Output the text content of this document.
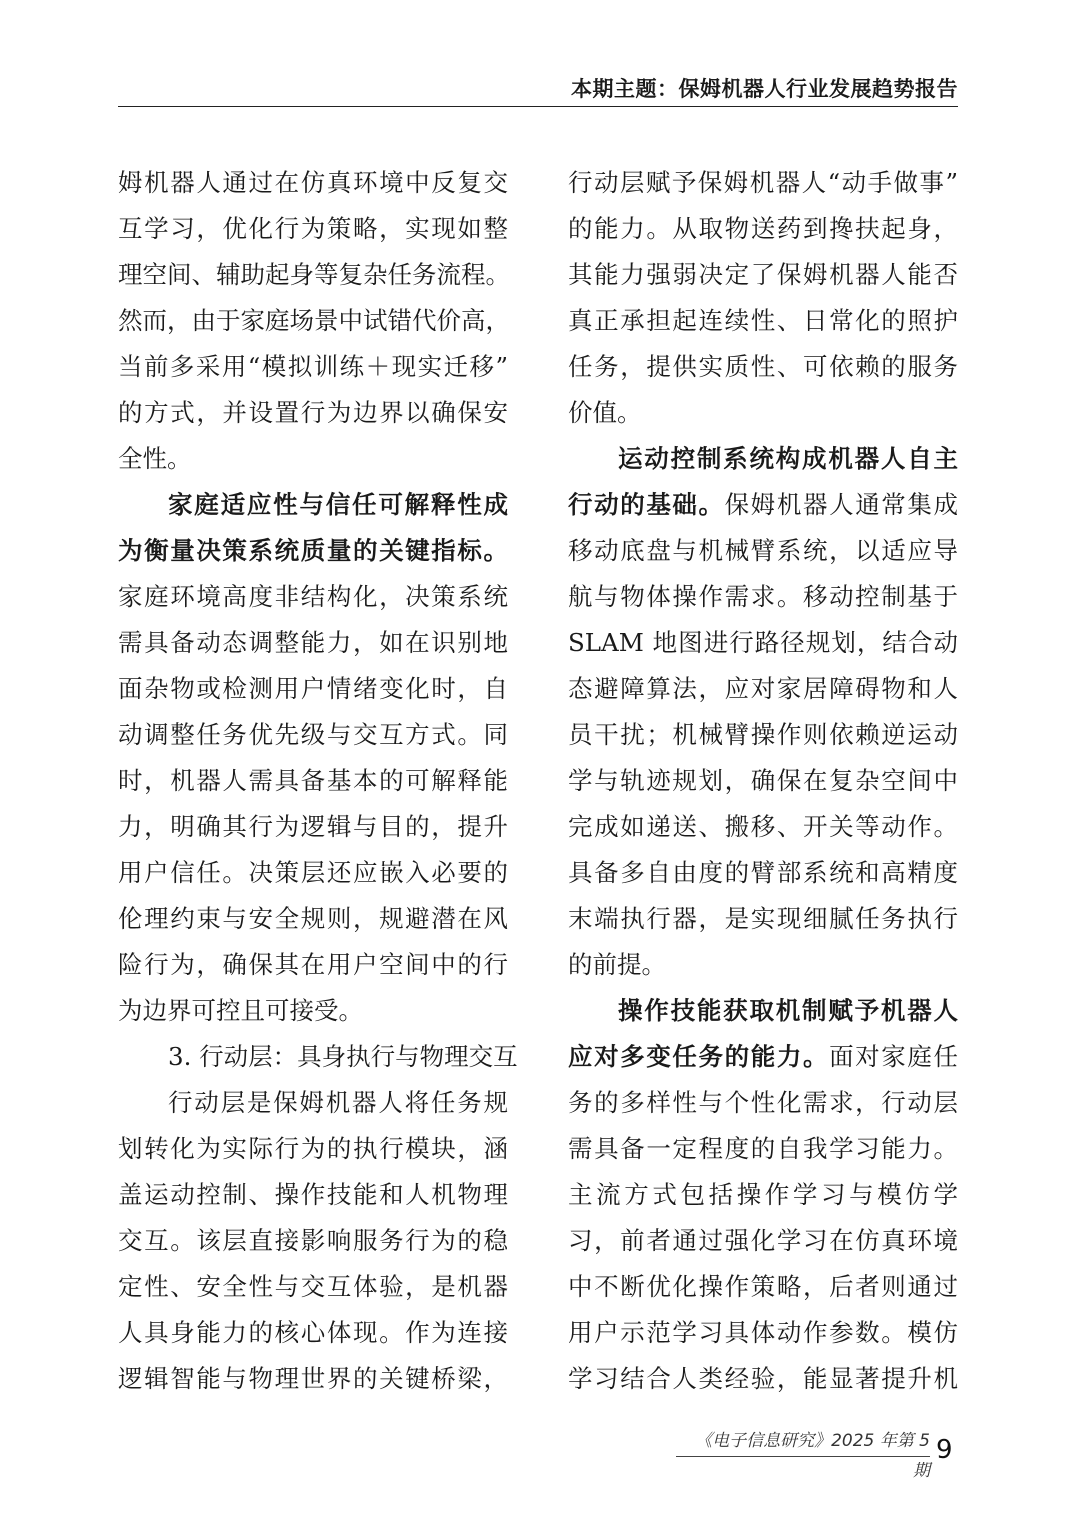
本期主题：保姆机器人行业发展趋势报告
姆机器人通过在仿真环境中反复交
互学习，优化行为策略，实现如整
理空间、辅助起身等复杂任务流程。
然而，由于家庭场景中试错代价高，
当前多采用“模拟训练＋现实迁移”
的方式，并设置行为边界以确保安
全性。
家庭适应性与信任可解释性成
为衡量决策系统质量的关键指标。
家庭环境高度非结构化，决策系统
需具备动态调整能力，如在识别地
面杂物或检测用户情绪变化时，自
动调整任务优先级与交互方式。同
时，机器人需具备基本的可解释能
力，明确其行为逻辑与目的，提升
用户信任。决策层还应嵌入必要的
伦理约束与安全规则，规避潜在风
险行为，确保其在用户空间中的行
为边界可控且可接受。
3. 行动层：具身执行与物理交互
行动层是保姆机器人将任务规
划转化为实际行为的执行模块，涵
盖运动控制、操作技能和人机物理
交互。该层直接影响服务行为的稳
定性、安全性与交互体验，是机器
人具身能力的核心体现。作为连接
逻辑智能与物理世界的关键桥梁，
行动层赋予保姆机器人“动手做事”
的能力。从取物送药到搀扶起身，
其能力强弱决定了保姆机器人能否
真正承担起连续性、日常化的照护
任务，提供实质性、可依赖的服务
价值。
运动控制系统构成机器人自主
行动的基础。保姆机器人通常集成
移动底盘与机械臂系统，以适应导
航与物体操作需求。移动控制基于
SLAM 地图进行路径规划，结合动
态避障算法，应对家居障碍物和人
员干扰；机械臂操作则依赖逆运动
学与轨迹规划，确保在复杂空间中
完成如递送、搬移、开关等动作。
具备多自由度的臂部系统和高精度
末端执行器，是实现细腻任务执行
的前提。
操作技能获取机制赋予机器人
应对多变任务的能力。面对家庭任
务的多样性与个性化需求，行动层
需具备一定程度的自我学习能力。
主流方式包括操作学习与模仿学
习，前者通过强化学习在仿真环境
中不断优化操作策略，后者则通过
用户示范学习具体动作参数。模仿
学习结合人类经验，能显著提升机
《电子信息研究》2025 年第 5 期
9
